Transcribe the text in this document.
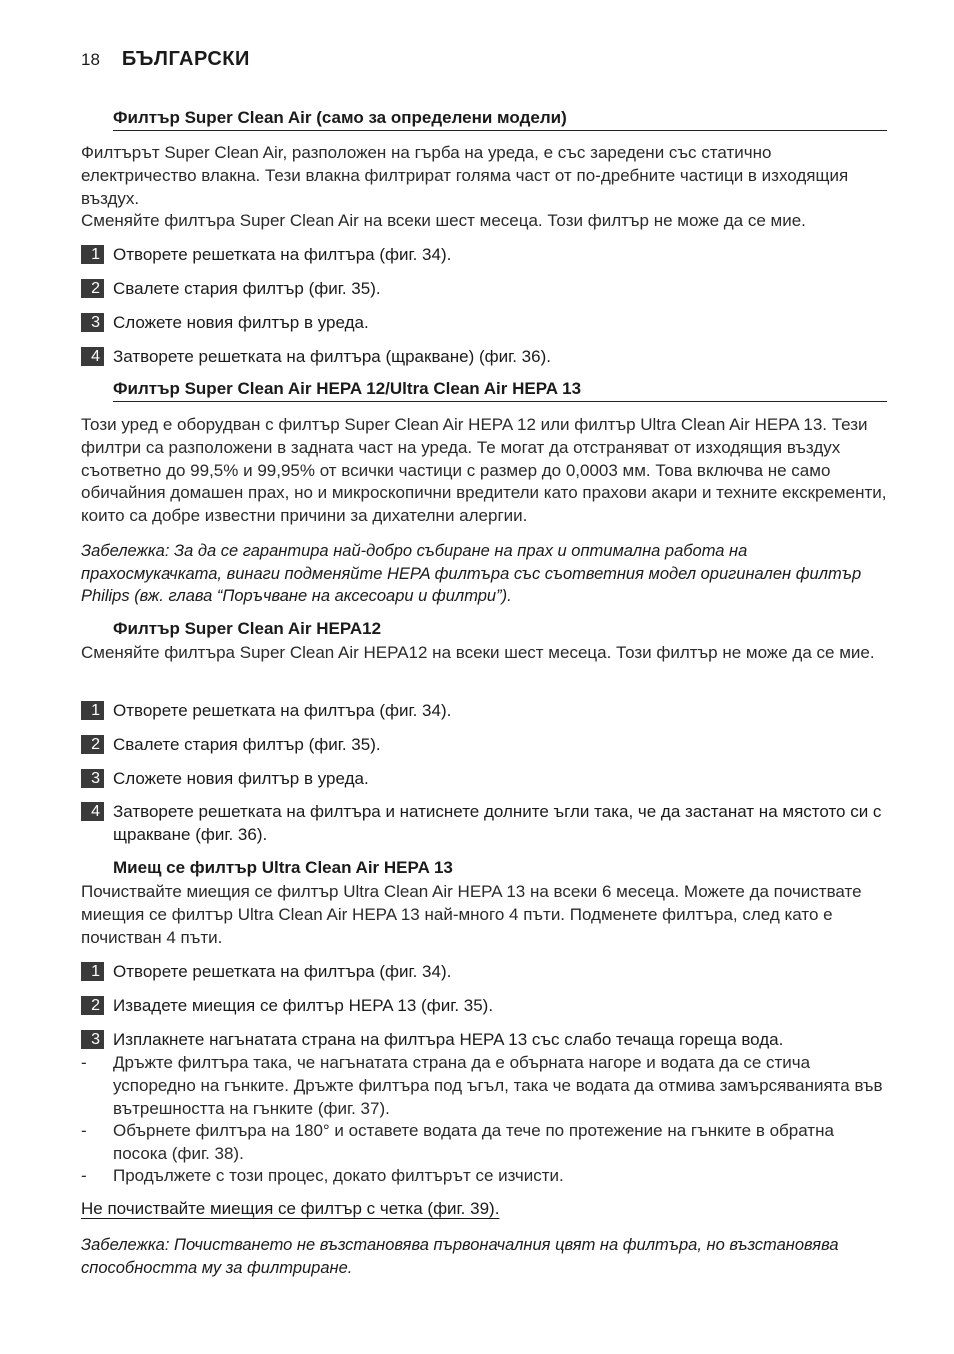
18 БЪЛГАРСКИ
Филтър Super Clean Air (само за определени модели)
Филтърът Super Clean Air, разположен на гърба на уреда, е със заредени със статично електричество влакна. Тези влакна филтрират голяма част от по-дребните частици в изходящия въздух.
Сменяйте филтъра Super Clean Air на всеки шест месеца. Този филтър не може да се мие.
1 Отворете решетката на филтъра (фиг. 34).
2 Свалете стария филтър (фиг. 35).
3 Сложете новия филтър в уреда.
4 Затворете решетката на филтъра (щракване) (фиг. 36).
Филтър Super Clean Air HEPA 12/Ultra Clean Air HEPA 13
Този уред е оборудван с филтър Super Clean Air HEPA 12 или филтър Ultra Clean Air HEPA 13. Тези филтри са разположени в задната част на уреда. Те могат да отстраняват от изходящия въздух съответно до 99,5% и 99,95% от всички частици с размер до 0,0003 мм. Това включва не само обичайния домашен прах, но и микроскопични вредители като прахови акари и техните екскременти, които са добре известни причини за дихателни алергии.
Забележка: За да се гарантира най-добро събиране на прах и оптимална работа на прахосмукачката, винаги подменяйте HEPA филтъра със съответния модел оригинален филтър Philips (вж. глава “Поръчване на аксесоари и филтри”).
Филтър Super Clean Air HEPA12
Сменяйте филтъра Super Clean Air HEPA12 на всеки шест месеца. Този филтър не може да се мие.
1 Отворете решетката на филтъра (фиг. 34).
2 Свалете стария филтър (фиг. 35).
3 Сложете новия филтър в уреда.
4 Затворете решетката на филтъра и натиснете долните ъгли така, че да застанат на мястото си с щракване (фиг. 36).
Миещ се филтър Ultra Clean Air HEPA 13
Почиствайте миещия се филтър Ultra Clean Air HEPA 13 на всеки 6 месеца. Можете да почиствате миещия се филтър Ultra Clean Air HEPA 13 най-много 4 пъти. Подменете филтъра, след като е почистван 4 пъти.
1 Отворете решетката на филтъра (фиг. 34).
2 Извадете миещия се филтър HEPA 13 (фиг. 35).
3 Изплакнете нагънатата страна на филтъра HEPA 13 със слабо течаща гореща вода.
-	Дръжте филтъра така, че нагънатата страна да е обърната нагоре и водата да се стича успоредно на гънките. Дръжте филтъра под ъгъл, така че водата да отмива замърсяванията във вътрешността на гънките (фиг. 37).
-	Обърнете филтъра на 180° и оставете водата да тече по протежение на гънките в обратна посока (фиг. 38).
-	Продължете с този процес, докато филтърът се изчисти.
Не почиствайте миещия се филтър с четка (фиг. 39).
Забележка: Почистването не възстановява първоначалния цвят на филтъра, но възстановява способността му за филтриране.
